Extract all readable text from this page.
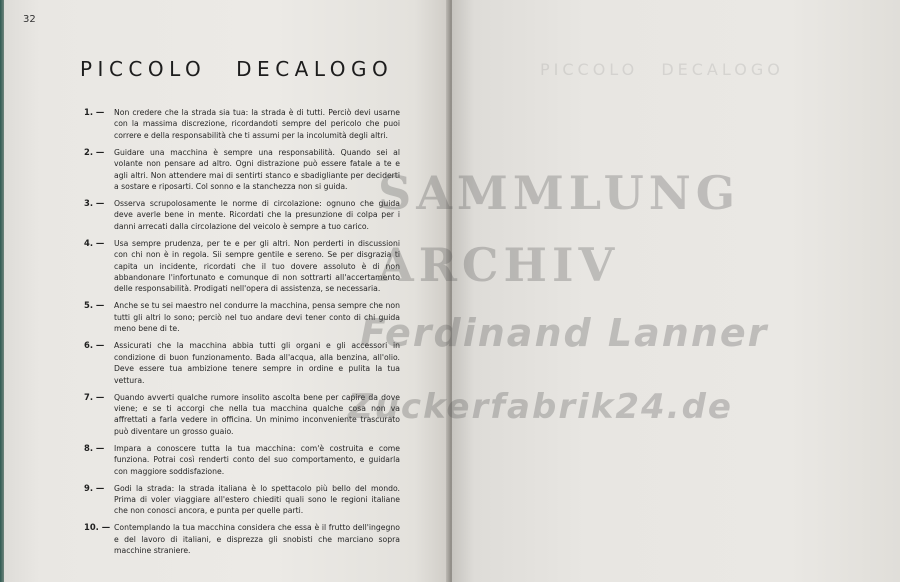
32
PICCOLO DECALOGO
1. —	Non credere che la strada sia tua: la strada è di tutti. Perciò devi usarne con la massima discrezione, ricordandoti sempre del pericolo che puoi correre e della responsabilità che ti assumi per la incolumità degli altri.

2. —	Guidare una macchina è sempre una responsabilità. Quando sei al volante non pensare ad altro. Ogni distrazione può essere fatale a te e agli altri. Non attendere mai di sentirti stanco e sbadigliante per deciderti a sostare e riposarti. Col sonno e la stanchezza non si guida.

3. —	Osserva scrupolosamente le norme di circolazione: ognuno che guida deve averle bene in mente. Ricordati che la presunzione di colpa per i danni arrecati dalla circolazione del veicolo è sempre a tuo carico.

4. —	Usa sempre prudenza, per te e per gli altri. Non perderti in discussioni con chi non è in regola. Sii sempre gentile e sereno. Se per disgrazia ti capita un incidente, ricordati che il tuo dovere assoluto è di non abbandonare l'infortunato e comunque di non sottrarti all'accertamento delle responsabilità. Prodigati nell'opera di assistenza, se necessaria.

5. —	Anche se tu sei maestro nel condurre la macchina, pensa sempre che non tutti gli altri lo sono; perciò nel tuo andare devi tener conto di chi guida meno bene di te.

6. —	Assicurati che la macchina abbia tutti gli organi e gli accessori in condizione di buon funzionamento. Bada all'acqua, alla benzina, all'olio. Deve essere tua ambizione tenere sempre in ordine e pulita la tua vettura.

7. —	Quando avverti qualche rumore insolito ascolta bene per capire da dove viene; e se ti accorgi che nella tua macchina qualche cosa non va affrettati a farla vedere in officina. Un minimo inconveniente trascurato può diventare un grosso guaio.

8. —	Impara a conoscere tutta la tua macchina: com'è costruita e come funziona. Potrai così renderti conto del suo comportamento, e guidarla con maggiore soddisfazione.

9. —	Godi la strada: la strada italiana è lo spettacolo più bello del mondo. Prima di voler viaggiare all'estero chiediti quali sono le regioni italiane che non conosci ancora, e punta per quelle parti.

10. — Contemplando la tua macchina considera che essa è il frutto dell'ingegno e del lavoro di italiani, e disprezza gli snobisti che marciano sopra macchine straniere.

PICCOLO DECALOGO
SAMMLUNG
ARCHIV
Ferdinand Lanner
Zuckerfabrik24.de
